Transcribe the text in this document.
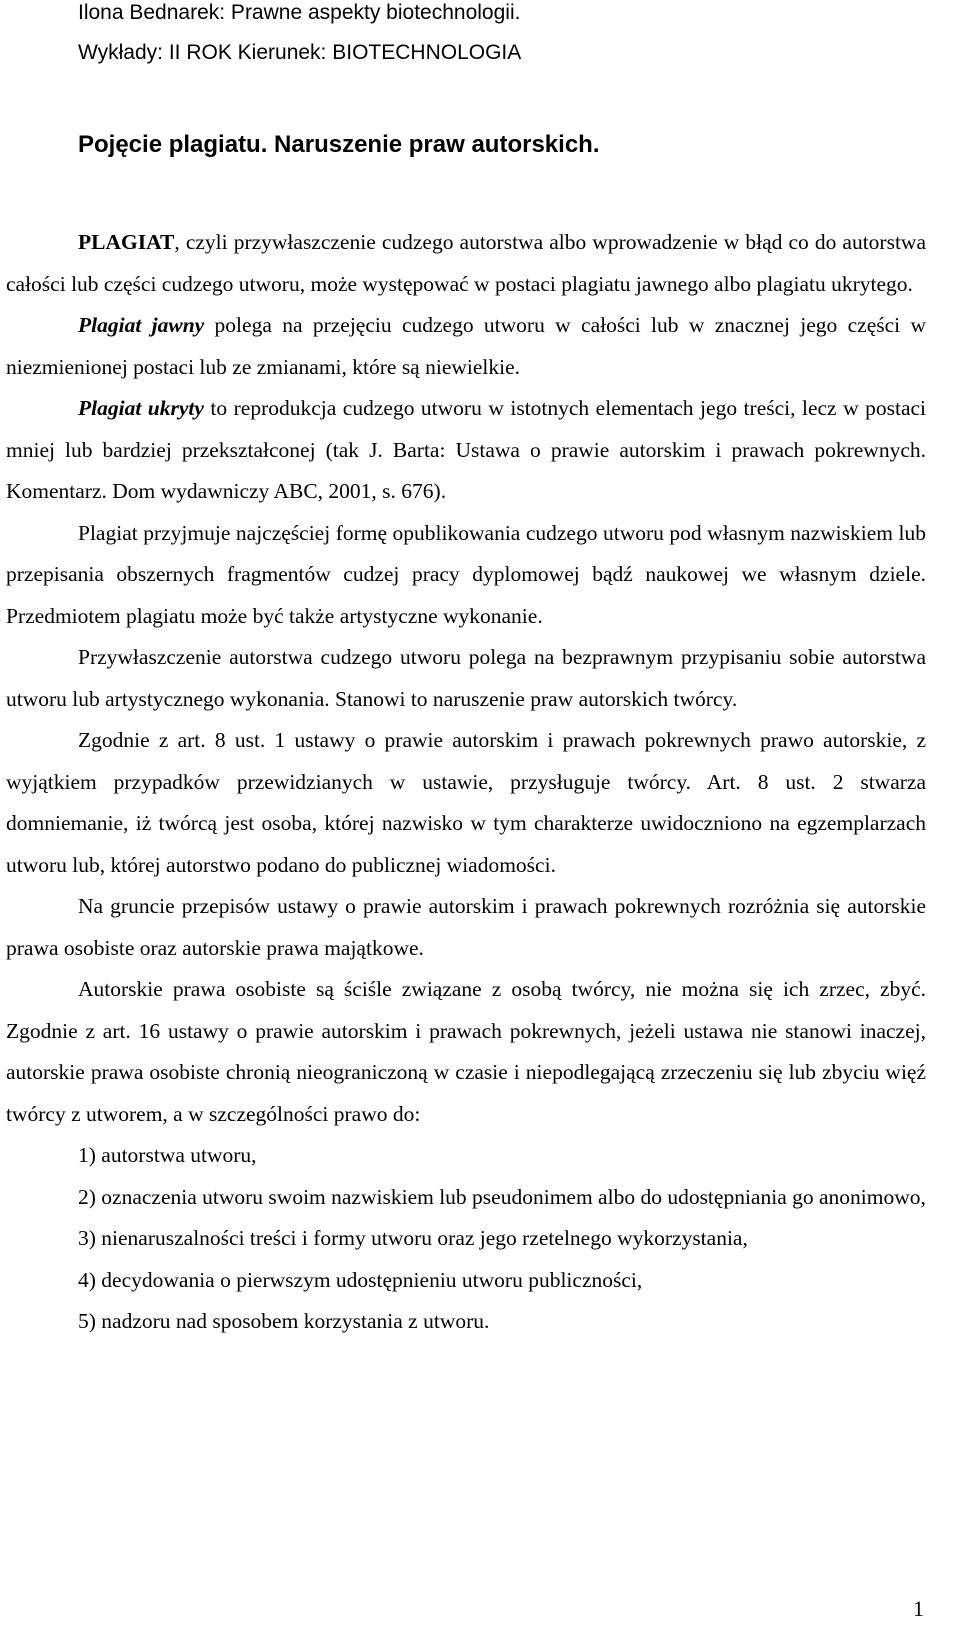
Ilona Bednarek: Prawne aspekty biotechnologii.
Wykłady: II ROK Kierunek: BIOTECHNOLOGIA
Pojęcie plagiatu. Naruszenie praw autorskich.

PLAGIAT, czyli przywłaszczenie cudzego autorstwa albo wprowadzenie w błąd co do autorstwa całości lub części cudzego utworu, może występować w postaci plagiatu jawnego albo plagiatu ukrytego.

Plagiat jawny polega na przejęciu cudzego utworu w całości lub w znacznej jego części w niezmienionej postaci lub ze zmianami, które są niewielkie.

Plagiat ukryty to reprodukcja cudzego utworu w istotnych elementach jego treści, lecz w postaci mniej lub bardziej przekształconej (tak J. Barta: Ustawa o prawie autorskim i prawach pokrewnych. Komentarz. Dom wydawniczy ABC, 2001, s. 676).

Plagiat przyjmuje najczęściej formę opublikowania cudzego utworu pod własnym nazwiskiem lub przepisania obszernych fragmentów cudzej pracy dyplomowej bądź naukowej we własnym dziele. Przedmiotem plagiatu może być także artystyczne wykonanie.

Przywłaszczenie autorstwa cudzego utworu polega na bezprawnym przypisaniu sobie autorstwa utworu lub artystycznego wykonania. Stanowi to naruszenie praw autorskich twórcy.

Zgodnie z art. 8 ust. 1 ustawy o prawie autorskim i prawach pokrewnych prawo autorskie, z wyjątkiem przypadków przewidzianych w ustawie, przysługuje twórcy. Art. 8 ust. 2 stwarza domniemanie, iż twórcą jest osoba, której nazwisko w tym charakterze uwidoczniono na egzemplarzach utworu lub, której autorstwo podano do publicznej wiadomości.

Na gruncie przepisów ustawy o prawie autorskim i prawach pokrewnych rozróżnia się autorskie prawa osobiste oraz autorskie prawa majątkowe.

Autorskie prawa osobiste są ściśle związane z osobą twórcy, nie można się ich zrzec, zbyć. Zgodnie z art. 16 ustawy o prawie autorskim i prawach pokrewnych, jeżeli ustawa nie stanowi inaczej, autorskie prawa osobiste chronią nieograniczoną w czasie i niepodlegającą zrzeczeniu się lub zbyciu więź twórcy z utworem, a w szczególności prawo do:

1) autorstwa utworu,

2) oznaczenia utworu swoim nazwiskiem lub pseudonimem albo do udostępniania go anonimowo,

3) nienaruszalności treści i formy utworu oraz jego rzetelnego wykorzystania,

4) decydowania o pierwszym udostępnieniu utworu publiczności,

5) nadzoru nad sposobem korzystania z utworu.

1
